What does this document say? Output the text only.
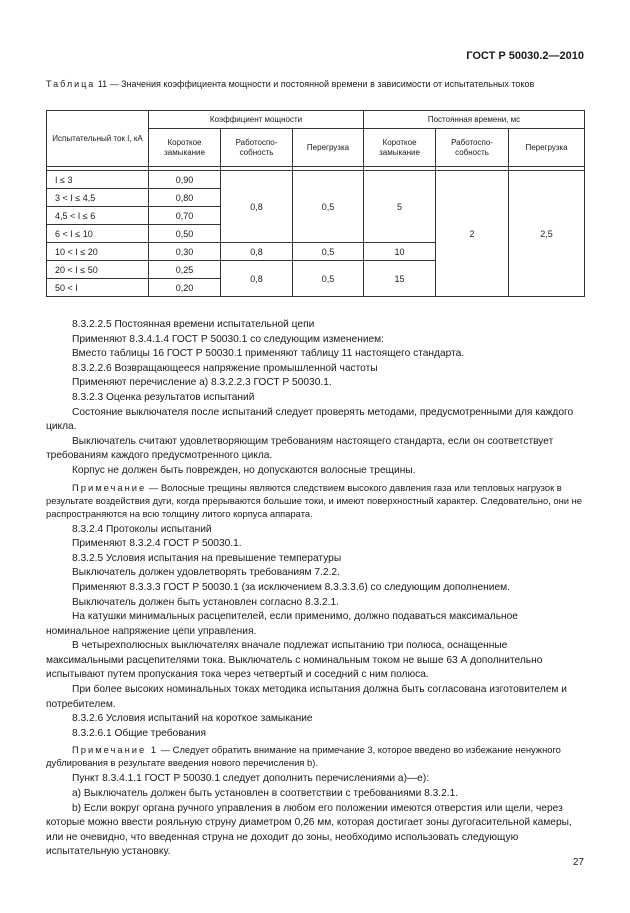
ГОСТ Р 50030.2—2010
Таблица 11 — Значения коэффициента мощности и постоянной времени в зависимости от испытательных токов
Испытательный ток I, кA	Коэффициент мощности			Постоянная времени, мс		
	Короткое замыкание	Работоспо-собность	Перегрузка	Короткое замыкание	Работоспо-собность	Перегрузка

I ≤ 3	0,90	0,8	0,5	5	2	2,5
3 < I ≤ 4,5	0,80					
4,5 < I ≤ 6	0,70					
6 < I ≤ 10	0,50					
10 < I ≤ 20	0,30	0,8	0,5	10		
20 < I ≤ 50	0,25	0,8	0,5	15		
50 < I	0,20					

8.3.2.2.5 Постоянная времени испытательной цепи

Применяют 8.3.4.1.4 ГОСТ Р 50030.1 со следующим изменением:

Вместо таблицы 16 ГОСТ Р 50030.1 применяют таблицу 11 настоящего стандарта.

8.3.2.2.6 Возвращающееся напряжение промышленной частоты

Применяют перечисление а) 8.3.2.2.3 ГОСТ Р 50030.1.

8.3.2.3 Оценка результатов испытаний

Состояние выключателя после испытаний следует проверять методами, предусмотренными для каждого цикла.

Выключатель считают удовлетворяющим требованиям настоящего стандарта, если он соответствует требованиям каждого предусмотренного цикла.

Корпус не должен быть поврежден, но допускаются волосные трещины.

Примечание — Волосные трещины являются следствием высокого давления газа или тепловых нагрузок в результате воздействия дуги, когда прерываются большие токи, и имеют поверхностный характер. Следовательно, они не распространяются на всю толщину литого корпуса аппарата.

8.3.2.4 Протоколы испытаний

Применяют 8.3.2.4 ГОСТ Р 50030.1.

8.3.2.5 Условия испытания на превышение температуры

Выключатель должен удовлетворять требованиям 7.2.2.

Применяют 8.3.3.3 ГОСТ Р 50030.1 (за исключением 8.3.3.3.6) со следующим дополнением.

Выключатель должен быть установлен согласно 8.3.2.1.

На катушки минимальных расцепителей, если применимо, должно подаваться максимальное номинальное напряжение цепи управления.

В четырехполюсных выключателях вначале подлежат испытанию три полюса, оснащенные максимальными расцепителями тока. Выключатель с номинальным током не выше 63 А дополнительно испытывают путем пропускания тока через четвертый и соседний с ним полюса.

При более высоких номинальных токах методика испытания должна быть согласована изготовителем и потребителем.

8.3.2.6 Условия испытаний на короткое замыкание

8.3.2.6.1 Общие требования

Примечание 1 — Следует обратить внимание на примечание 3, которое введено во избежание ненужного дублирования в результате введения нового перечисления b).

Пункт 8.3.4.1.1 ГОСТ Р 50030.1 следует дополнить перечислениями а)—е):

а) Выключатель должен быть установлен в соответствии с требованиями 8.3.2.1.

b) Если вокруг органа ручного управления в любом его положении имеются отверстия или щели, через которые можно ввести рояльную струну диаметром 0,26 мм, которая достигает зоны дугогасительной камеры, или не очевидно, что введенная струна не доходит до зоны, необходимо использовать следующую испытательную установку.

27
